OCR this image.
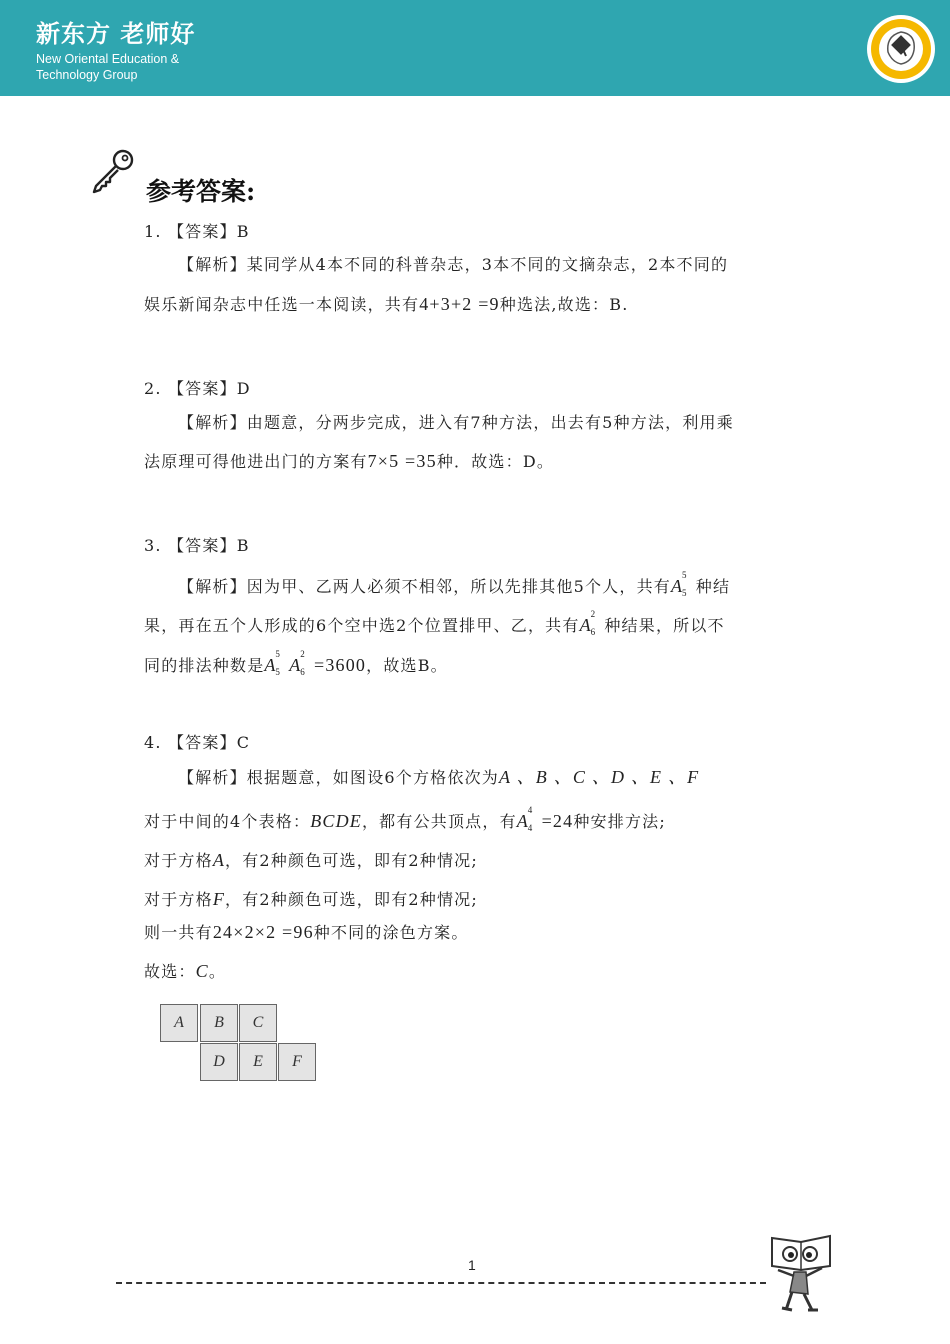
新东方 老师好
New Oriental Education & Technology Group
参考答案:
1. 【答案】B
【解析】某同学从4本不同的科普杂志，3本不同的文摘杂志，2本不同的
娱乐新闻杂志中任选一本阅读，共有4+3+2 =9种选法,故选：B.
2. 【答案】D
【解析】由题意，分两步完成，进入有7种方法，出去有5种方法，利用乘
法原理可得他进出门的方案有7×5 =35种．故选：D。
3. 【答案】B
【解析】因为甲、乙两人必须不相邻，所以先排其他5个人，共有A
5
5 种结
果，再在五个人形成的6个空中选2个位置排甲、乙，共有A
2
6 种结果，所以不
同的排法种数是A
5
5 A
2
6 =3600，故选B。
4. 【答案】C
【解析】根据题意，如图设6个方格依次为A 、B 、C 、D 、E 、F
对于中间的4个表格：BCDE，都有公共顶点，有A
4
4 =24种安排方法;
对于方格A，有2种颜色可选，即有2种情况;
对于方格F，有2种颜色可选，即有2种情况;
则一共有24×2×2 =96种不同的涂色方案。
故选：C。
A	B	C
D	E	F
1
